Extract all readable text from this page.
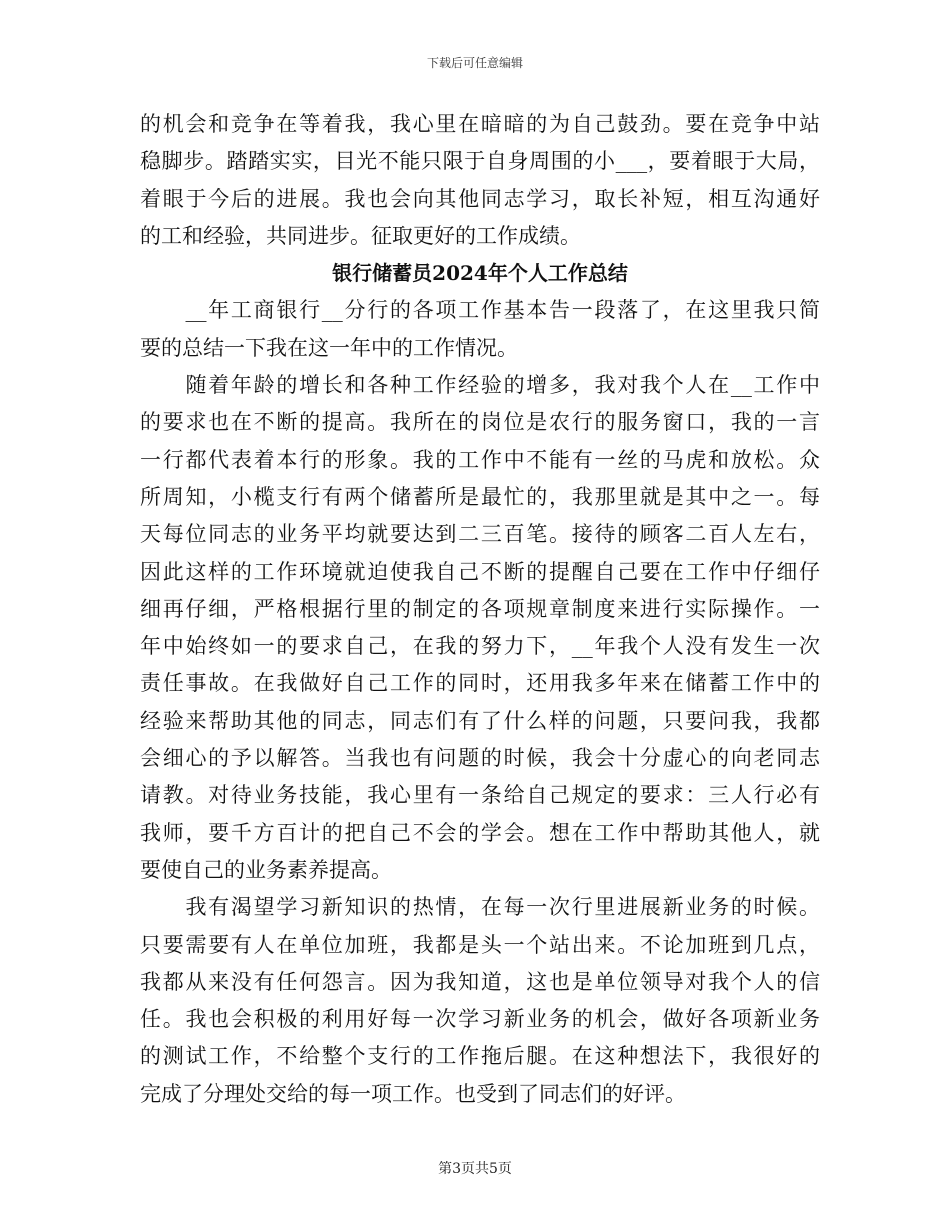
下载后可任意编辑

的机会和竞争在等着我，我心里在暗暗的为自己鼓劲。要在竞争中站

稳脚步。踏踏实实，目光不能只限于自身周围的小___，要着眼于大局，

着眼于今后的进展。我也会向其他同志学习，取长补短，相互沟通好

的工和经验，共同进步。征取更好的工作成绩。

银行储蓄员2024年个人工作总结

　　__年工商银行__分行的各项工作基本告一段落了，在这里我只简

要的总结一下我在这一年中的工作情况。

　　随着年龄的增长和各种工作经验的增多，我对我个人在__工作中

的要求也在不断的提高。我所在的岗位是农行的服务窗口，我的一言

一行都代表着本行的形象。我的工作中不能有一丝的马虎和放松。众

所周知，小榄支行有两个储蓄所是最忙的，我那里就是其中之一。每

天每位同志的业务平均就要达到二三百笔。接待的顾客二百人左右，

因此这样的工作环境就迫使我自己不断的提醒自己要在工作中仔细仔

细再仔细，严格根据行里的制定的各项规章制度来进行实际操作。一

年中始终如一的要求自己，在我的努力下，__年我个人没有发生一次

责任事故。在我做好自己工作的同时，还用我多年来在储蓄工作中的

经验来帮助其他的同志，同志们有了什么样的问题，只要问我，我都

会细心的予以解答。当我也有问题的时候，我会十分虚心的向老同志

请教。对待业务技能，我心里有一条给自己规定的要求：三人行必有

我师，要千方百计的把自己不会的学会。想在工作中帮助其他人，就

要使自己的业务素养提高。

　　我有渴望学习新知识的热情，在每一次行里进展新业务的时候。

只要需要有人在单位加班，我都是头一个站出来。不论加班到几点，

我都从来没有任何怨言。因为我知道，这也是单位领导对我个人的信

任。我也会积极的利用好每一次学习新业务的机会，做好各项新业务

的测试工作，不给整个支行的工作拖后腿。在这种想法下，我很好的

完成了分理处交给的每一项工作。也受到了同志们的好评。

第3页共5页
